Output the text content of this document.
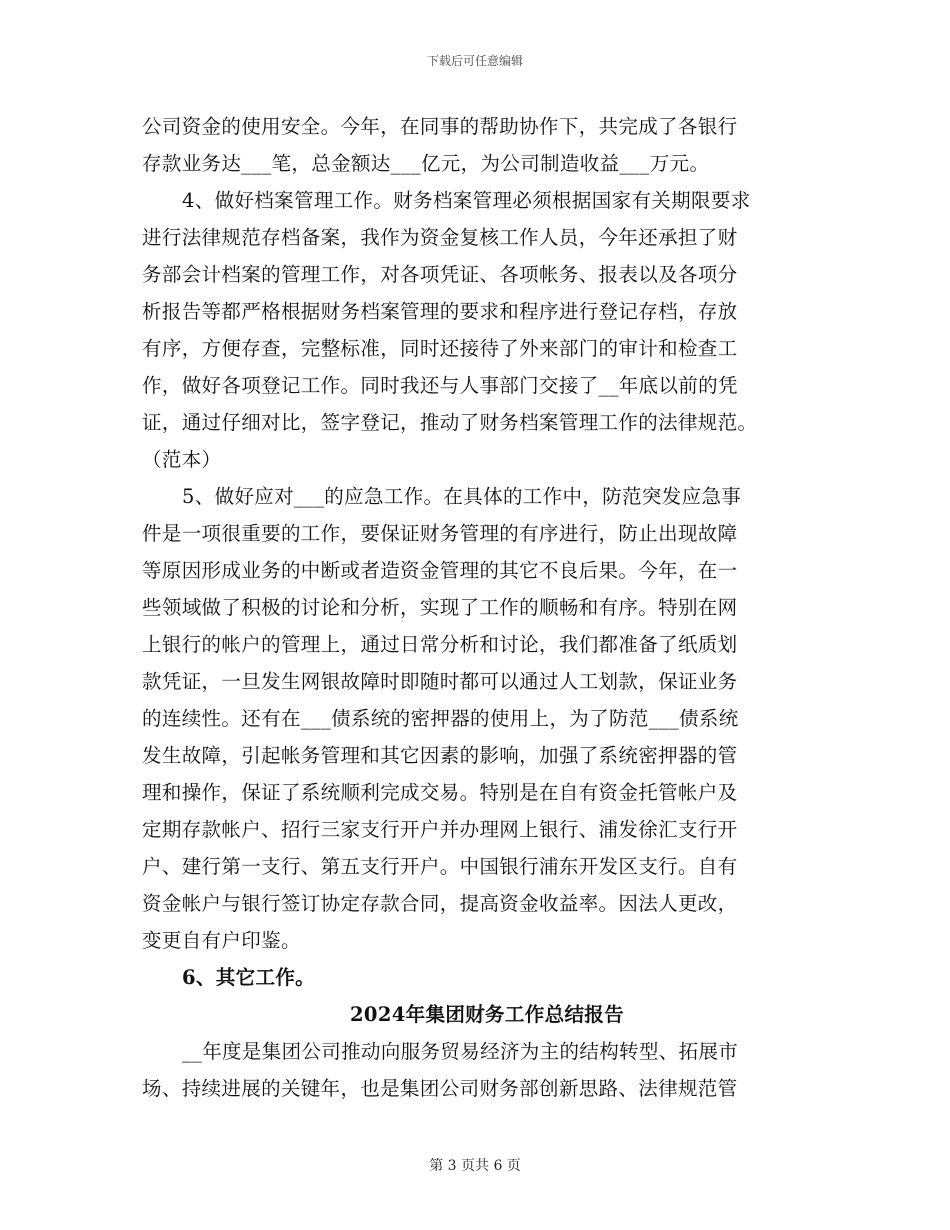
下载后可任意编辑
公司资金的使用安全。今年，在同事的帮助协作下，共完成了各银行
存款业务达___笔，总金额达___亿元，为公司制造收益___万元。
4、做好档案管理工作。财务档案管理必须根据国家有关期限要求
进行法律规范存档备案，我作为资金复核工作人员，今年还承担了财
务部会计档案的管理工作，对各项凭证、各项帐务、报表以及各项分
析报告等都严格根据财务档案管理的要求和程序进行登记存档，存放
有序，方便存查，完整标准，同时还接待了外来部门的审计和检查工
作，做好各项登记工作。同时我还与人事部门交接了__年底以前的凭
证，通过仔细对比，签字登记，推动了财务档案管理工作的法律规范。
（范本）
5、做好应对___的应急工作。在具体的工作中，防范突发应急事
件是一项很重要的工作，要保证财务管理的有序进行，防止出现故障
等原因形成业务的中断或者造资金管理的其它不良后果。今年，在一
些领域做了积极的讨论和分析，实现了工作的顺畅和有序。特别在网
上银行的帐户的管理上，通过日常分析和讨论，我们都准备了纸质划
款凭证，一旦发生网银故障时即随时都可以通过人工划款，保证业务
的连续性。还有在___债系统的密押器的使用上，为了防范___债系统
发生故障，引起帐务管理和其它因素的影响，加强了系统密押器的管
理和操作，保证了系统顺利完成交易。特别是在自有资金托管帐户及
定期存款帐户、招行三家支行开户并办理网上银行、浦发徐汇支行开
户、建行第一支行、第五支行开户。中国银行浦东开发区支行。自有
资金帐户与银行签订协定存款合同，提高资金收益率。因法人更改，
变更自有户印鉴。
6、其它工作。
2024年集团财务工作总结报告
__年度是集团公司推动向服务贸易经济为主的结构转型、拓展市
场、持续进展的关键年，也是集团公司财务部创新思路、法律规范管
第 3 页共 6 页
